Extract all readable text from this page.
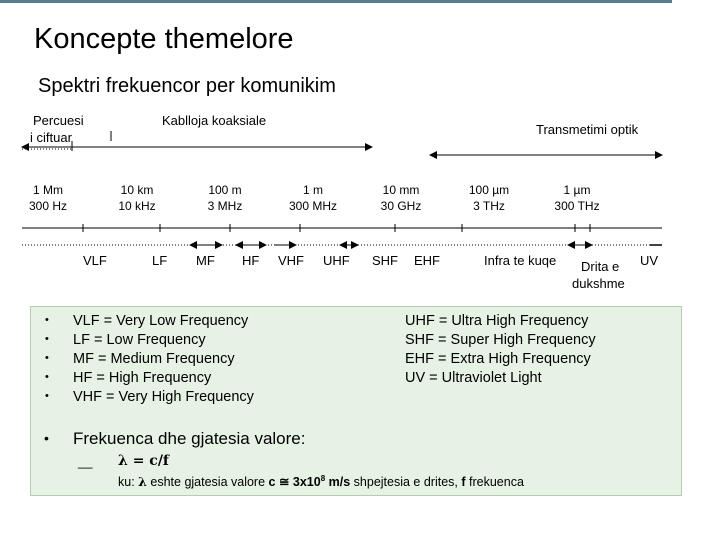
Koncepte themelore
Spektri frekuencor per komunikim
Percuesi
i ciftuar
Kablloja koaksiale
Transmetimi optik
1 Mm
300 Hz
10 km
10 kHz
100 m
3 MHz
1 m
300 MHz
10 mm
30 GHz
100 µm
3 THz
1 µm
300 THz
VLF	LF MF HF VHF UHF SHF EHF	Infra te kuqe Drita e
dukshme
UV
•
•
•
•
•
VLF = Very Low Frequency
LF = Low Frequency
MF = Medium Frequency
HF = High Frequency
VHF = Very High Frequency
UHF = Ultra High Frequency
SHF = Super High Frequency
EHF = Extra High Frequency
UV = Ultraviolet Light
• Frekuenca dhe gjatesia valore:
__ λ = c/f
ku: λ eshte gjatesia valore c ≅ $3x10^8$ m/s shpejtesia e drites, f frekuenca
